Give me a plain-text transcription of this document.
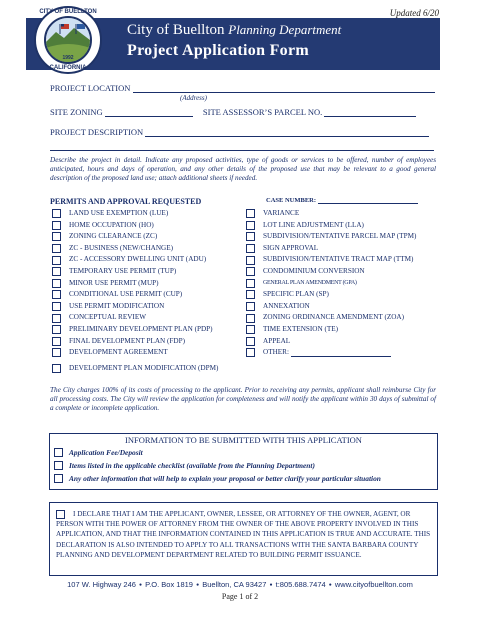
Updated 6/20
CITY OF BUELLTON
1992
CALIFORNIA
City of Buellton Planning Department
Project Application Form
PROJECT LOCATION
(Address)
SITE ZONING	SITE ASSESSOR’S PARCEL NO.
PROJECT DESCRIPTION
Describe the project in detail. Indicate any proposed activities, type of goods or services to be offered, number of employees anticipated, hours and days of operation, and any other details of the proposed use that may be relevant to a good general description of the proposed land use; attach additional sheets if needed.
PERMITS AND APPROVAL REQUESTED	CASE NUMBER:
LAND USE EXEMPTION (LUE)
HOME OCCUPATION (HO)
ZONING CLEARANCE (ZC)
ZC - BUSINESS (NEW/CHANGE)
ZC - ACCESSORY DWELLING UNIT (ADU)
TEMPORARY USE PERMIT (TUP)
MINOR USE PERMIT (MUP)
CONDITIONAL USE PERMIT (CUP)
USE PERMIT MODIFICATION
CONCEPTUAL REVIEW
PRELIMINARY DEVELOPMENT PLAN (PDP)
FINAL DEVELOPMENT PLAN (FDP)
DEVELOPMENT AGREEMENT
DEVELOPMENT PLAN MODIFICATION (DPM)
VARIANCE
LOT LINE ADJUSTMENT (LLA)
SUBDIVISION/TENTATIVE PARCEL MAP (TPM)
SIGN APPROVAL
SUBDIVISION/TENTATIVE TRACT MAP (TTM)
CONDOMINIUM CONVERSION
GENERAL PLAN AMENDMENT (GPA)
SPECIFIC PLAN (SP)
ANNEXATION
ZONING ORDINANCE AMENDMENT (ZOA)
TIME EXTENSION (TE)
APPEAL
OTHER:
The City charges 100% of its costs of processing to the applicant. Prior to receiving any permits, applicant shall reimburse City for all processing costs. The City will review the application for completeness and will notify the applicant within 30 days of submittal of a complete or incomplete application.
INFORMATION TO BE SUBMITTED WITH THIS APPLICATION
Application Fee/Deposit
Items listed in the applicable checklist (available from the Planning Department)
Any other information that will help to explain your proposal or better clarify your particular situation
I DECLARE THAT I AM THE APPLICANT, OWNER, LESSEE, OR ATTORNEY OF THE OWNER, AGENT, OR PERSON WITH THE POWER OF ATTORNEY FROM THE OWNER OF THE ABOVE PROPERTY INVOLVED IN THIS APPLICATION, AND THAT THE INFORMATION CONTAINED IN THIS APPLICATION IS TRUE AND ACCURATE. THIS DECLARATION IS ALSO INTENDED TO APPLY TO ALL TRANSACTIONS WITH THE SANTA BARBARA COUNTY PLANNING AND DEVELOPMENT DEPARTMENT RELATED TO BUILDING PERMIT ISSUANCE.
107 W. Highway 246 ● P.O. Box 1819 ● Buellton, CA 93427 ● t:805.688.7474 ● www.cityofbuellton.com
Page 1 of 2
